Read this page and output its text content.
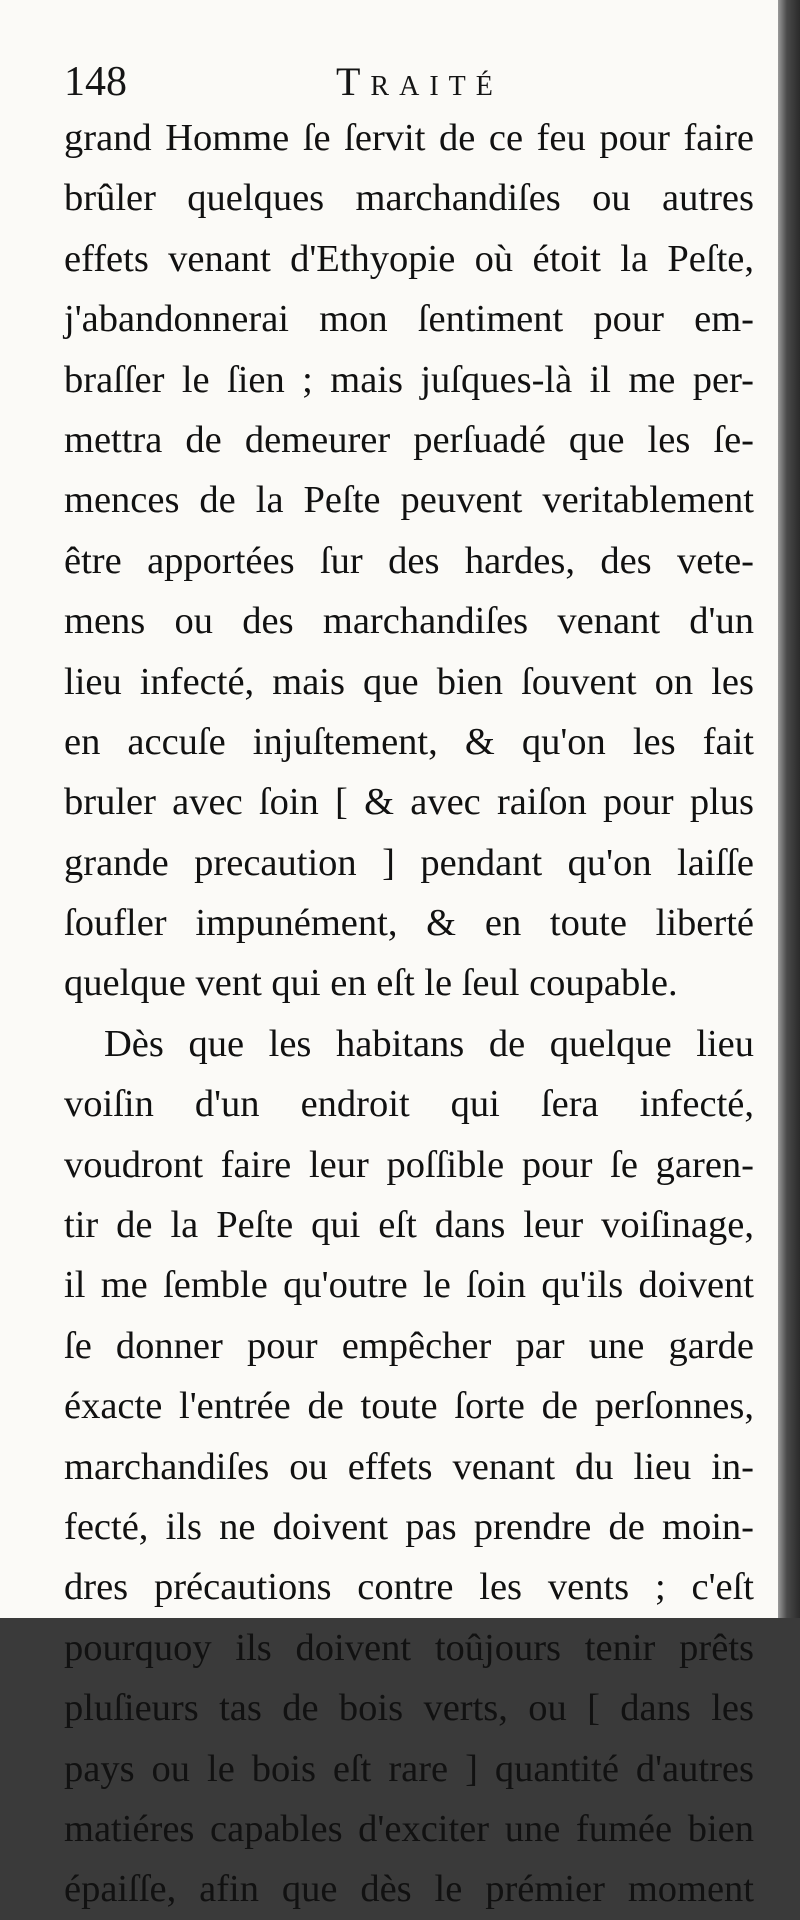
148	Traité
grand Homme ſe ſervit de ce feu pour faire
brûler quelques marchandiſes ou autres
effets venant d'Ethyopie où étoit la Peſte,
j'abandonnerai mon ſentiment pour em-
braſſer le ſien ; mais juſques-là il me per-
mettra de demeurer perſuadé que les ſe-
mences de la Peſte peuvent veritablement
être apportées ſur des hardes, des vete-
mens ou des marchandiſes venant d'un
lieu infecté, mais que bien ſouvent on les
en accuſe injuſtement, & qu'on les fait
bruler avec ſoin [ & avec raiſon pour plus
grande precaution ] pendant qu'on laiſſe
ſoufler impunément, & en toute liberté
quelque vent qui en eſt le ſeul coupable.
Dès que les habitans de quelque lieu
voiſin d'un endroit qui ſera infecté,
voudront faire leur poſſible pour ſe garen-
tir de la Peſte qui eſt dans leur voiſinage,
il me ſemble qu'outre le ſoin qu'ils doivent
ſe donner pour empêcher par une garde
éxacte l'entrée de toute ſorte de perſonnes,
marchandiſes ou effets venant du lieu in-
fecté, ils ne doivent pas prendre de moin-
dres précautions contre les vents ; c'eſt
pourquoy ils doivent toûjours tenir prêts
pluſieurs tas de bois verts, ou [ dans les
pays ou le bois eſt rare ] quantité d'autres
matiéres capables d'exciter une fumée bien
épaiſſe, afin que dès le prémier moment
